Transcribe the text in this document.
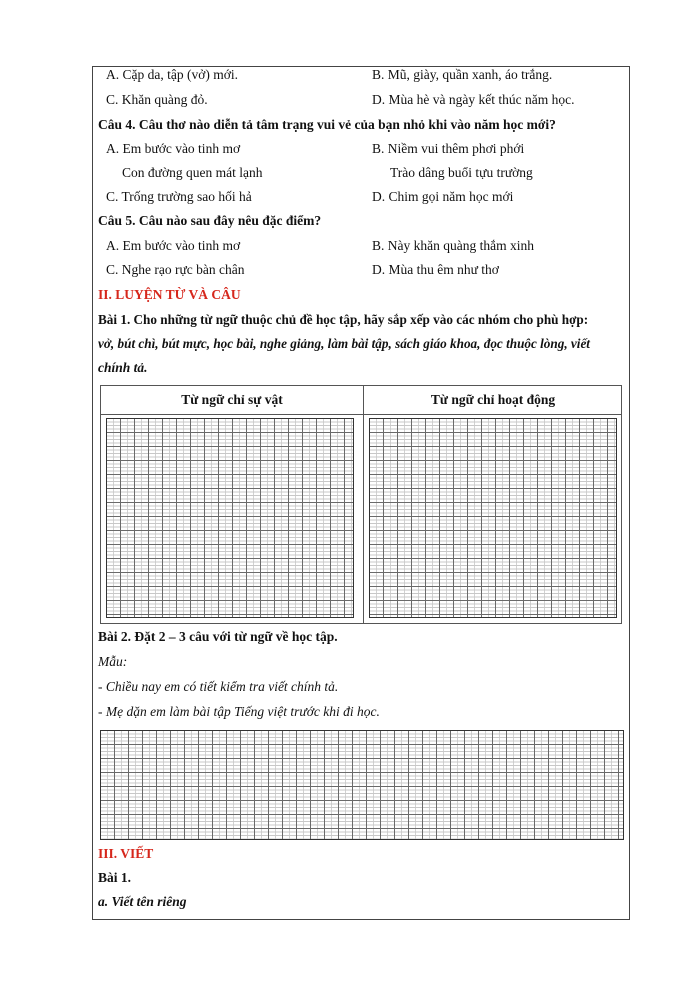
A. Cặp da, tập (vở) mới.	B. Mũ, giày, quần xanh, áo trắng.
C. Khăn quàng đỏ.	D. Mùa hè và ngày kết thúc năm học.
Câu 4. Câu thơ nào diễn tả tâm trạng vui vẻ của bạn nhỏ khi vào năm học mới?
A. Em bước vào tinh mơ	B. Niềm vui thêm phơi phới
Con đường quen mát lạnh	Trào dâng buổi tựu trường
C. Trống trường sao hối hả	D. Chim gọi năm học mới
Câu 5. Câu nào sau đây nêu đặc điểm?
A. Em bước vào tinh mơ	B. Này khăn quàng thắm xinh
C. Nghe rạo rực bàn chân	D. Mùa thu êm như thơ
II. LUYỆN TỪ VÀ CÂU
Bài 1. Cho những từ ngữ thuộc chủ đề học tập, hãy sắp xếp vào các nhóm cho phù hợp:
vở, bút chì, bút mực, học bài, nghe giảng, làm bài tập, sách giáo khoa, đọc thuộc lòng, viết
chính tả.
Từ ngữ chỉ sự vật	Từ ngữ chỉ hoạt động
Bài 2. Đặt 2 – 3 câu với từ ngữ về học tập.
Mẫu:
- Chiều nay em có tiết kiểm tra viết chính tả.
- Mẹ dặn em làm bài tập Tiếng việt trước khi đi học.
III. VIẾT
Bài 1.
a. Viết tên riêng
